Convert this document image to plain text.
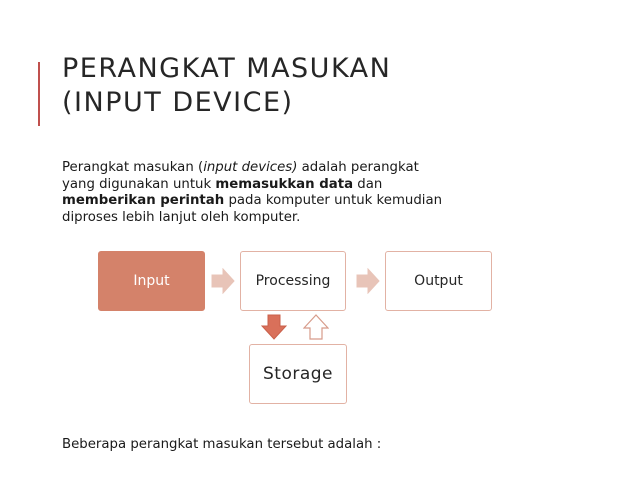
PERANGKAT MASUKAN
(INPUT DEVICE)

Perangkat masukan (input devices) adalah perangkat
yang digunakan untuk memasukkan data dan
memberikan perintah pada komputer untuk kemudian
diproses lebih lanjut oleh komputer.

Input	Processing	Output
Storage

Beberapa perangkat masukan tersebut adalah :
